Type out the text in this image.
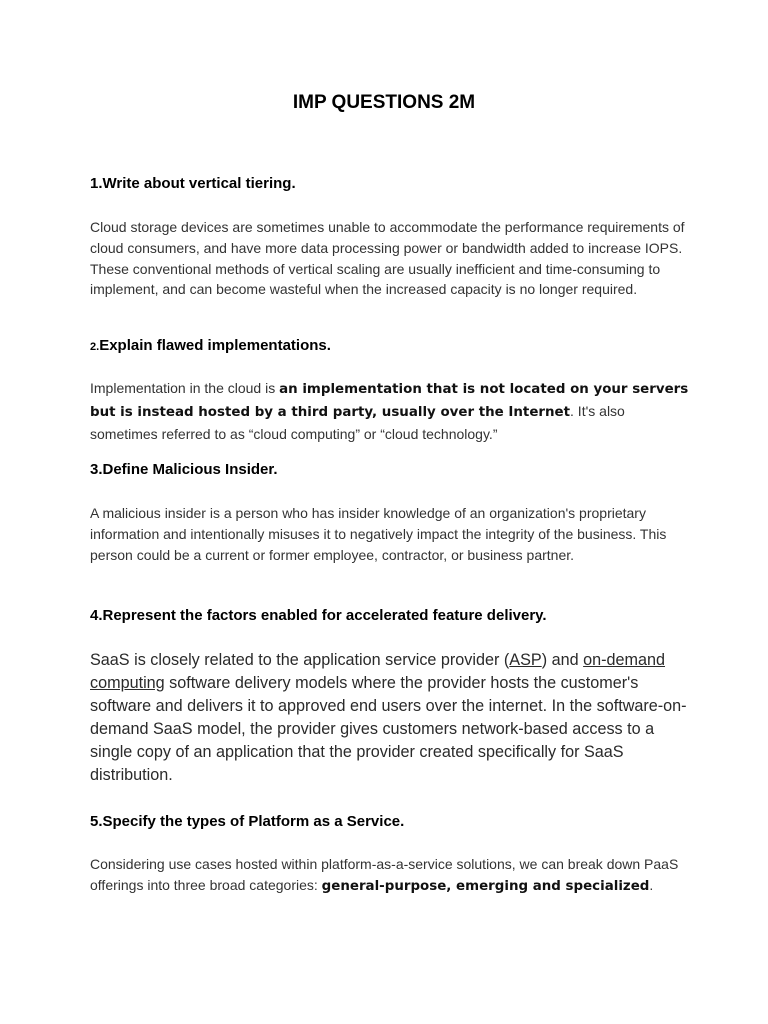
IMP QUESTIONS 2M
1.Write about vertical tiering.
Cloud storage devices are sometimes unable to accommodate the performance requirements of cloud consumers, and have more data processing power or bandwidth added to increase IOPS. These conventional methods of vertical scaling are usually inefficient and time-consuming to implement, and can become wasteful when the increased capacity is no longer required.
2.Explain flawed implementations.
Implementation in the cloud is an implementation that is not located on your servers but is instead hosted by a third party, usually over the Internet. It's also sometimes referred to as “cloud computing” or “cloud technology.”
3.Define Malicious Insider.
A malicious insider is a person who has insider knowledge of an organization's proprietary information and intentionally misuses it to negatively impact the integrity of the business. This person could be a current or former employee, contractor, or business partner.
4.Represent the factors enabled for accelerated feature delivery.
SaaS is closely related to the application service provider (ASP) and on-demand computing software delivery models where the provider hosts the customer's software and delivers it to approved end users over the internet. In the software-on-demand SaaS model, the provider gives customers network-based access to a single copy of an application that the provider created specifically for SaaS distribution.
5.Specify the types of Platform as a Service.
Considering use cases hosted within platform-as-a-service solutions, we can break down PaaS offerings into three broad categories: general-purpose, emerging and specialized.
